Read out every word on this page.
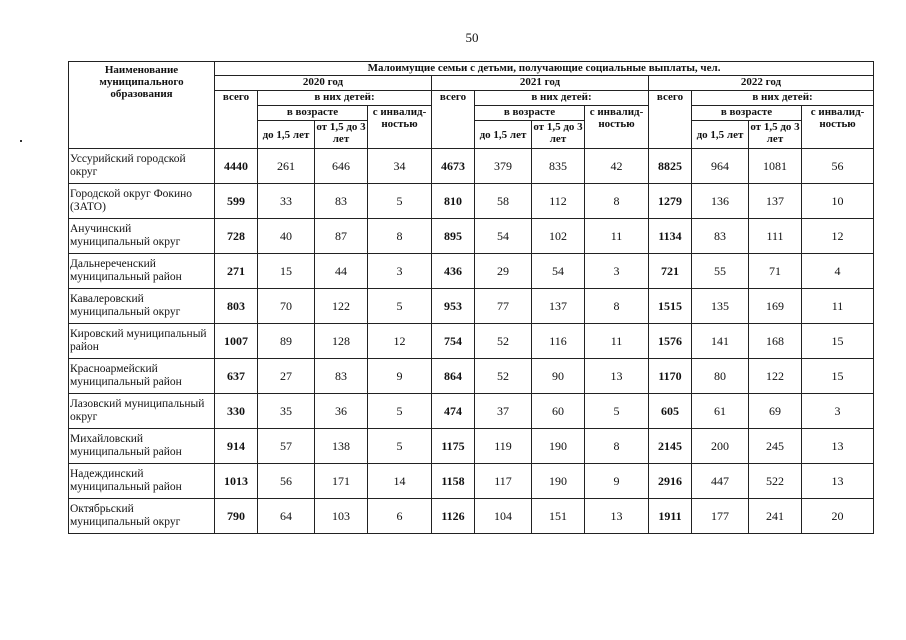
50
Наименование муниципального образования	Малоимущие семьи с детьми, получающие социальные выплаты, чел.											
	2020 год				2021 год				2022 год			
	всего	в них детей:			всего	в них детей:			всего	в них детей:		
		в возрасте		с инвалид-ностью		в возрасте		с инвалид-ностью		в возрасте		с инвалид-ностью
		до 1,5 лет	от 1,5 до 3 лет			до 1,5 лет	от 1,5 до 3 лет			до 1,5 лет	от 1,5 до 3 лет	
Уссурийский городской округ	4440	261	646	34	4673	379	835	42	8825	964	1081	56
Городской округ Фокино (ЗАТО)	599	33	83	5	810	58	112	8	1279	136	137	10
Анучинский муниципальный округ	728	40	87	8	895	54	102	11	1134	83	111	12
Дальнереченский муниципальный район	271	15	44	3	436	29	54	3	721	55	71	4
Кавалеровский муниципальный округ	803	70	122	5	953	77	137	8	1515	135	169	11
Кировский муниципальный район	1007	89	128	12	754	52	116	11	1576	141	168	15
Красноармейский муниципальный район	637	27	83	9	864	52	90	13	1170	80	122	15
Лазовский муниципальный округ	330	35	36	5	474	37	60	5	605	61	69	3
Михайловский муниципальный район	914	57	138	5	1175	119	190	8	2145	200	245	13
Надеждинский муниципальный район	1013	56	171	14	1158	117	190	9	2916	447	522	13
Октябрьский муниципальный округ	790	64	103	6	1126	104	151	13	1911	177	241	20
